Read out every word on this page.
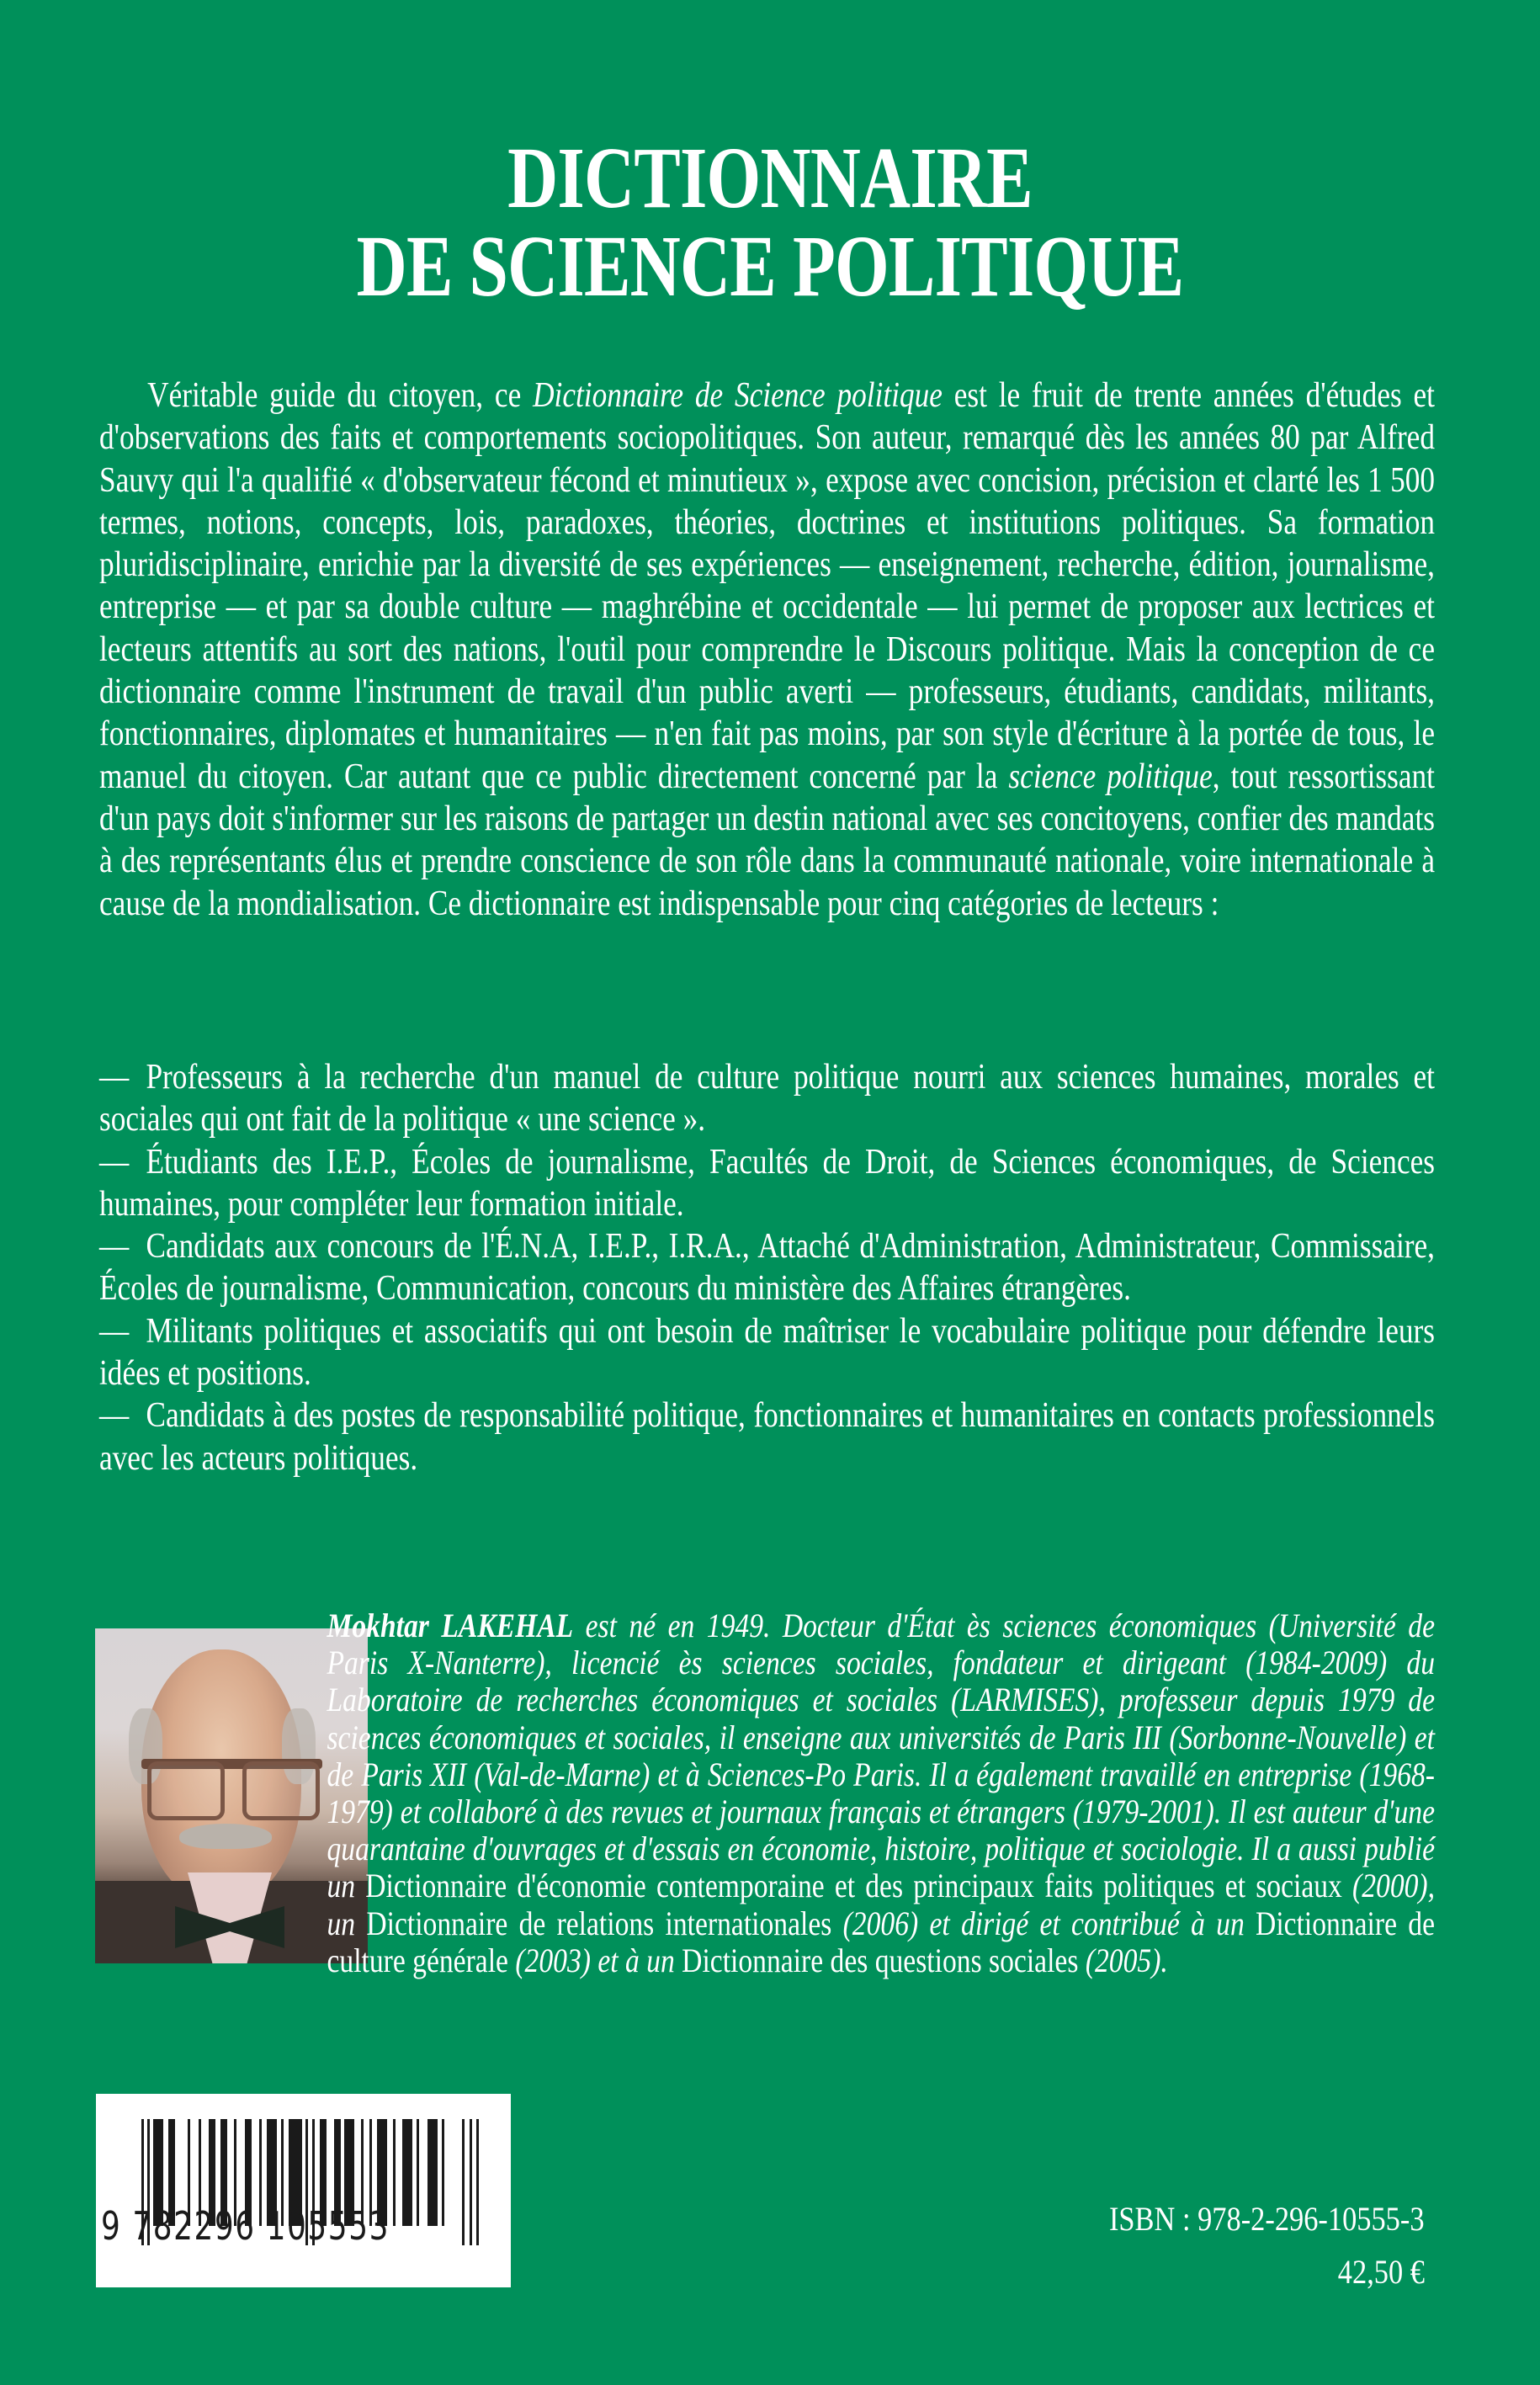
DICTIONNAIRE
DE SCIENCE POLITIQUE

Véritable guide du citoyen, ce Dictionnaire de Science politique est le fruit de trente années d'études et d'observations des faits et comportements sociopolitiques. Son auteur, remarqué dès les années 80 par Alfred Sauvy qui l'a qualifié « d'observateur fécond et minutieux », expose avec concision, précision et clarté les 1 500 termes, notions, concepts, lois, paradoxes, théories, doctrines et institutions politiques. Sa formation pluridisciplinaire, enrichie par la diversité de ses expériences — enseignement, recherche, édition, journalisme, entreprise — et par sa double culture — maghrébine et occidentale — lui permet de proposer aux lectrices et lecteurs attentifs au sort des nations, l'outil pour comprendre le Discours politique. Mais la conception de ce dictionnaire comme l'instrument de travail d'un public averti — professeurs, étudiants, candidats, militants, fonctionnaires, diplomates et humanitaires — n'en fait pas moins, par son style d'écriture à la portée de tous, le manuel du citoyen. Car autant que ce public directement concerné par la science politique, tout ressortissant d'un pays doit s'informer sur les raisons de partager un destin national avec ses concitoyens, confier des mandats à des représentants élus et prendre conscience de son rôle dans la communauté nationale, voire internationale à cause de la mondialisation. Ce dictionnaire est indispensable pour cinq catégories de lecteurs :

— Professeurs à la recherche d'un manuel de culture politique nourri aux sciences humaines, morales et sociales qui ont fait de la politique « une science ».

— Étudiants des I.E.P., Écoles de journalisme, Facultés de Droit, de Sciences économiques, de Sciences humaines, pour compléter leur formation initiale.

— Candidats aux concours de l'É.N.A, I.E.P., I.R.A., Attaché d'Administration, Administrateur, Commissaire, Écoles de journalisme, Communication, concours du ministère des Affaires étrangères.

— Militants politiques et associatifs qui ont besoin de maîtriser le vocabulaire politique pour défendre leurs idées et positions.

— Candidats à des postes de responsabilité politique, fonctionnaires et humanitaires en contacts professionnels avec les acteurs politiques.

Mokhtar LAKEHAL est né en 1949. Docteur d'État ès sciences économiques (Université de Paris X-Nanterre), licencié ès sciences sociales, fondateur et dirigeant (1984-2009) du Laboratoire de recherches économiques et sociales (LARMISES), professeur depuis 1979 de sciences économiques et sociales, il enseigne aux universités de Paris III (Sorbonne-Nouvelle) et de Paris XII (Val-de-Marne) et à Sciences-Po Paris. Il a également travaillé en entreprise (1968-1979) et collaboré à des revues et journaux français et étrangers (1979-2001). Il est auteur d'une quarantaine d'ouvrages et d'essais en économie, histoire, politique et sociologie. Il a aussi publié un Dictionnaire d'économie contemporaine et des principaux faits politiques et sociaux (2000), un Dictionnaire de relations internationales (2006) et dirigé et contribué à un Dictionnaire de culture générale (2003) et à un Dictionnaire des questions sociales (2005).
9 782296 105553	ISBN : 978-2-296-10555-3
42,50 €
